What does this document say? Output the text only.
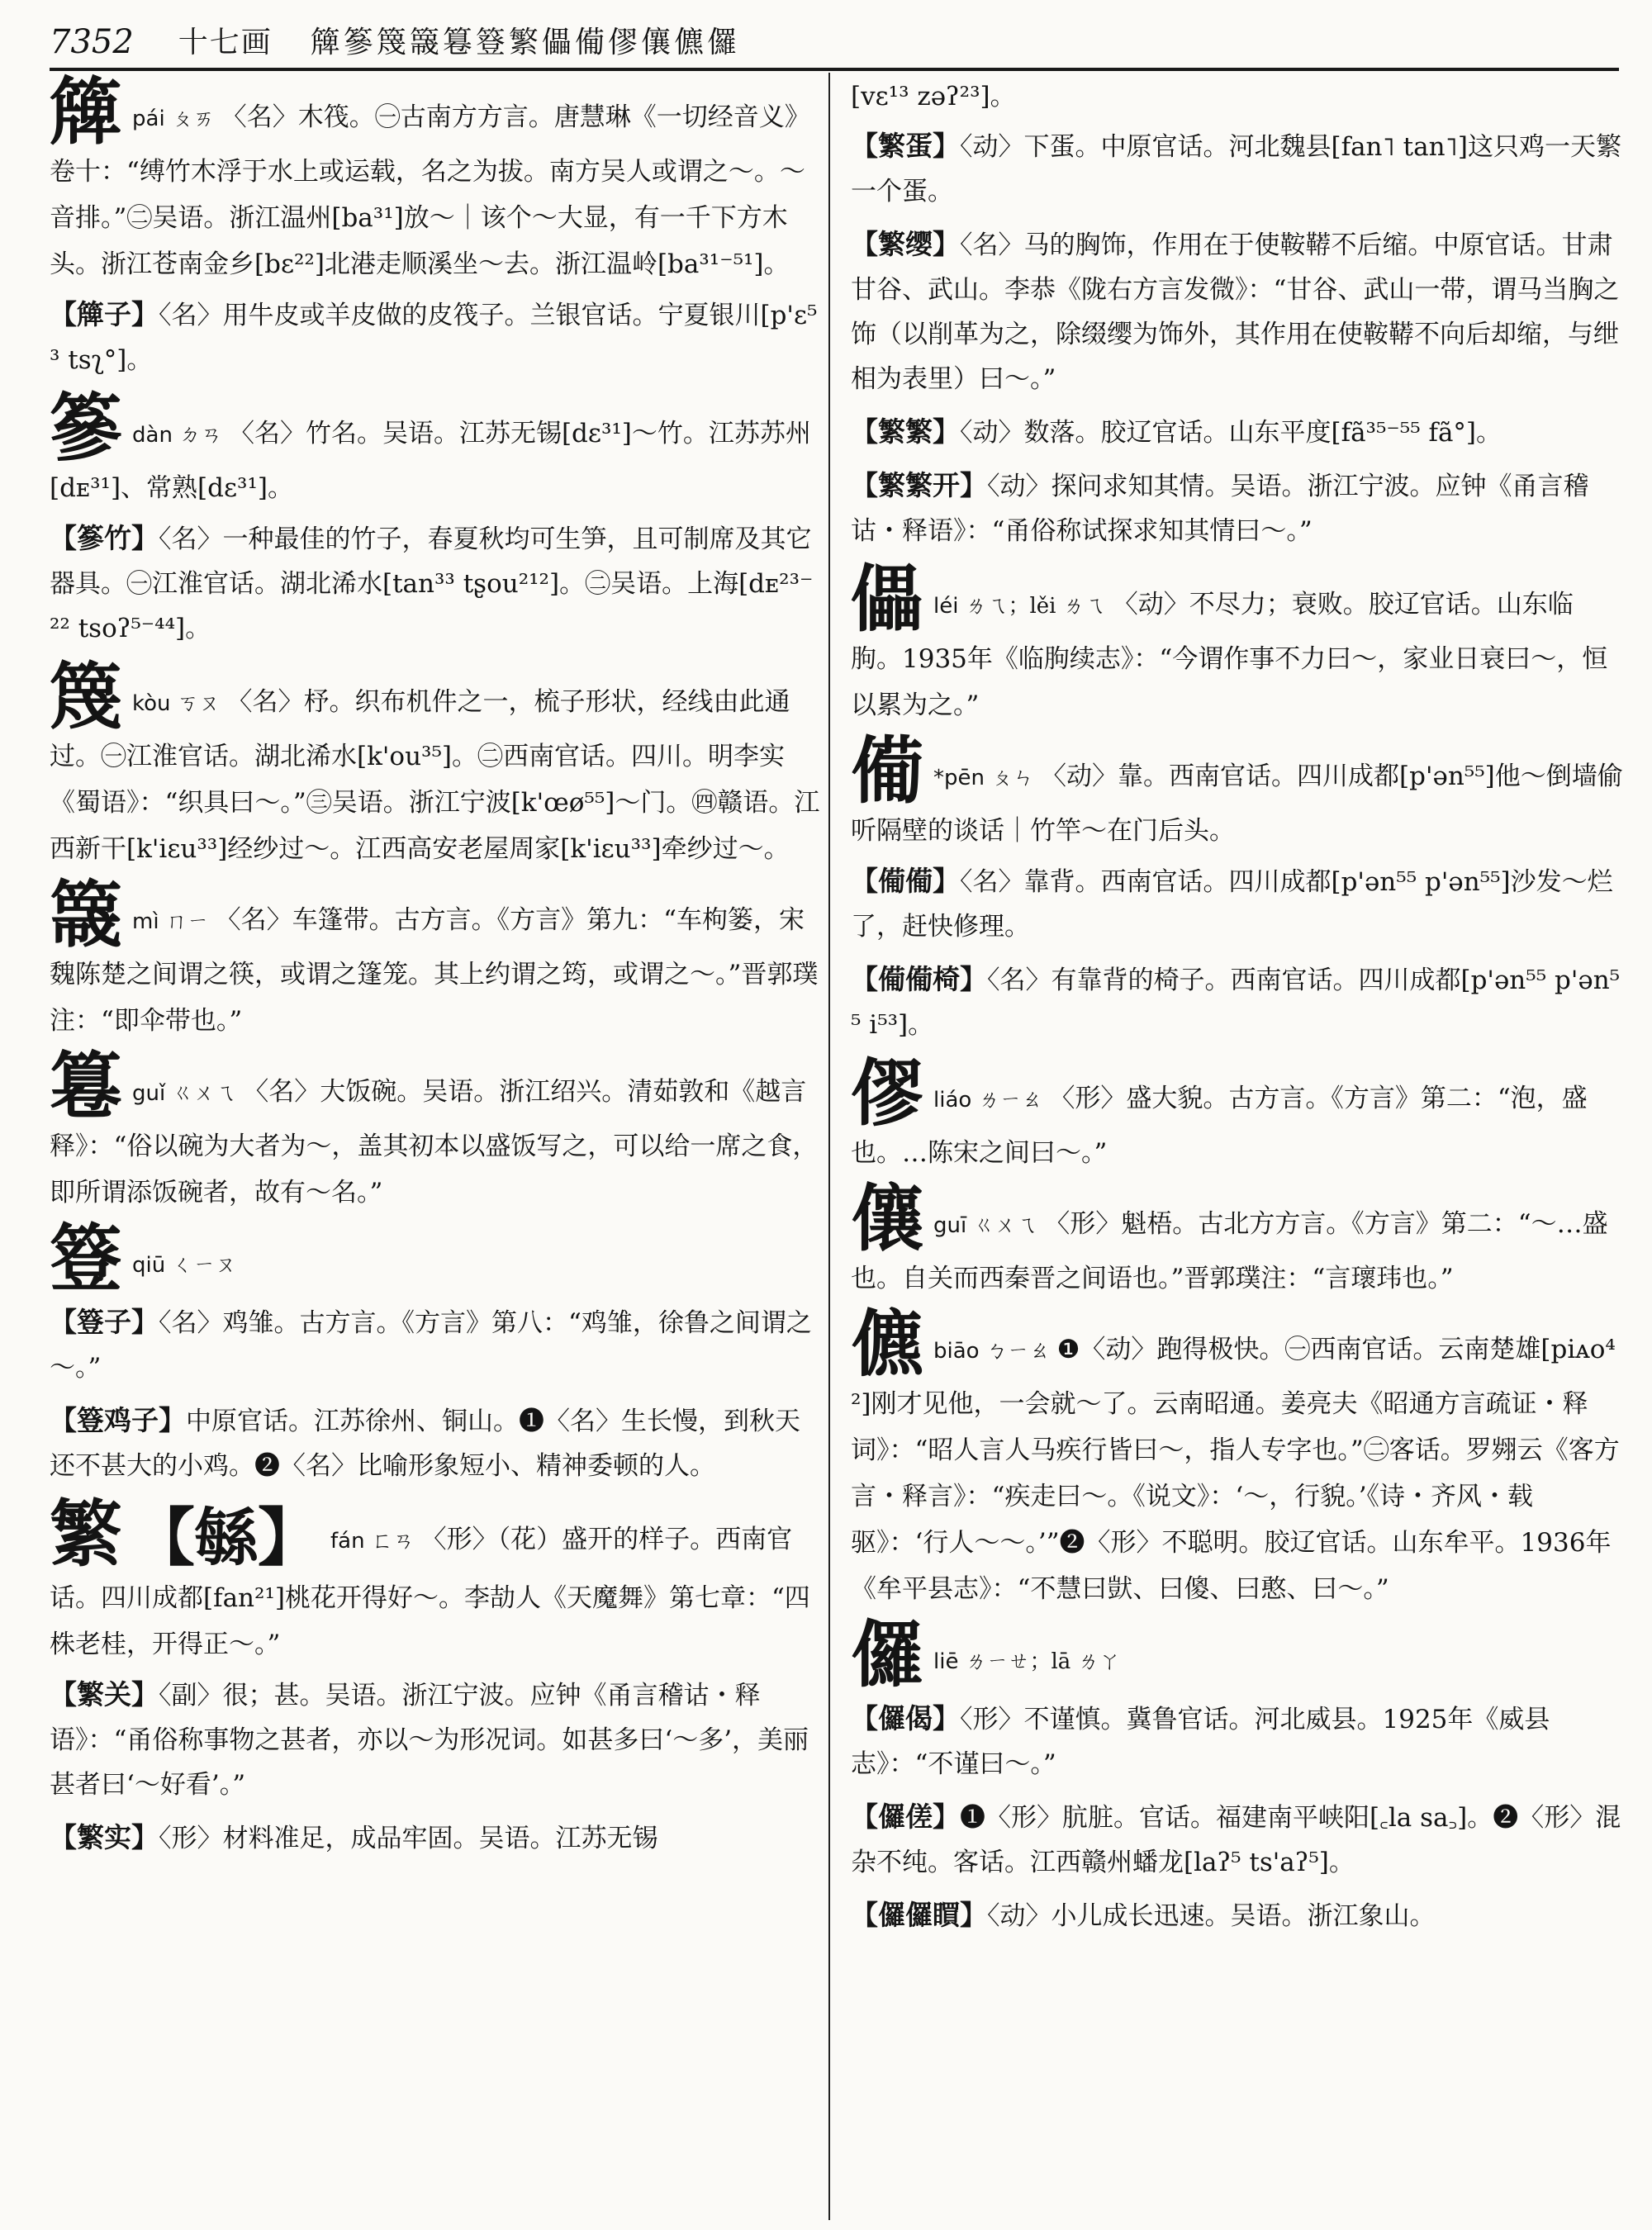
7352 十七画 簰篸篾簚篹簦繁儡僃僇儴儦儸
簰pái ㄆㄞ 〈名〉木筏。㊀古南方方言。唐慧琳《一切经音义》卷十：“缚竹木浮于水上或运载，名之为拔。南方吴人或谓之～。～音排。”㊁吴语。浙江温州[ba³¹]放～｜该个～大显，有一千下方木头。浙江苍南金乡[bɛ²²]北港走顺溪坐～去。浙江温岭[ba³¹⁻⁵¹]。
【簰子】〈名〉用牛皮或羊皮做的皮筏子。兰银官话。宁夏银川[p'ɛ⁵³ tsʅ°]。
篸dàn ㄉㄢ 〈名〉竹名。吴语。江苏无锡[dɛ³¹]～竹。江苏苏州[dᴇ³¹]、常熟[dɛ³¹]。
【篸竹】〈名〉一种最佳的竹子，春夏秋均可生笋，且可制席及其它器具。㊀江淮官话。湖北浠水[tan³³ tʂou²¹²]。㊁吴语。上海[dᴇ²³⁻²² tsoʔ⁵⁻⁴⁴]。
篾kòu ㄎㄡ 〈名〉杼。织布机件之一，梳子形状，经线由此通过。㊀江淮官话。湖北浠水[k'ou³⁵]。㊁西南官话。四川。明李实《蜀语》：“织具曰～。”㊂吴语。浙江宁波[k'œø⁵⁵]～门。㊃赣语。江西新干[k'iɛu³³]经纱过～。江西高安老屋周家[k'iɛu³³]牵纱过～。
簚mì ㄇㄧ 〈名〉车篷带。古方言。《方言》第九：“车枸篓，宋魏陈楚之间谓之筷，或谓之篷笼。其上约谓之筠，或谓之～。”晋郭璞注：“即伞带也。”
篹guǐ ㄍㄨㄟ 〈名〉大饭碗。吴语。浙江绍兴。清茹敦和《越言释》：“俗以碗为大者为～，盖其初本以盛饭写之，可以给一席之食，即所谓添饭碗者，故有～名。”
簦qiū ㄑㄧㄡ
【簦子】〈名〉鸡雏。古方言。《方言》第八：“鸡雏，徐鲁之间谓之～。”
【簦鸡子】中原官话。江苏徐州、铜山。❶〈名〉生长慢，到秋天还不甚大的小鸡。❷〈名〉比喻形象短小、精神委顿的人。
繁 【緐】 fán ㄈㄢ 〈形〉（花）盛开的样子。西南官话。四川成都[fan²¹]桃花开得好～。李劼人《天魔舞》第七章：“四株老桂，开得正～。”
【繁关】〈副〉很；甚。吴语。浙江宁波。应钟《甬言稽诂・释语》：“甬俗称事物之甚者，亦以～为形况词。如甚多曰‘～多’，美丽甚者曰‘～好看’。”
【繁实】〈形〉材料准足，成品牢固。吴语。江苏无锡
[vɛ¹³ zəʔ²³]。
【繁蛋】〈动〉下蛋。中原官话。河北魏县[fan˥ tan˥]这只鸡一天繁一个蛋。
【繁缨】〈名〉马的胸饰，作用在于使鞍鞯不后缩。中原官话。甘肃甘谷、武山。李恭《陇右方言发微》：“甘谷、武山一带，谓马当胸之饰（以削革为之，除缀缨为饰外，其作用在使鞍鞯不向后却缩，与绁相为表里）曰～。”
【繁繁】〈动〉数落。胶辽官话。山东平度[fã³⁵⁻⁵⁵ fã°]。
【繁繁开】〈动〉探问求知其情。吴语。浙江宁波。应钟《甬言稽诂・释语》：“甬俗称试探求知其情曰～。”
儡léi ㄌㄟ；lěi ㄌㄟ 〈动〉不尽力；衰败。胶辽官话。山东临朐。1935年《临朐续志》：“今谓作事不力曰～，家业日衰曰～，恒以累为之。”
僃 *pēn ㄆㄣ 〈动〉靠。西南官话。四川成都[p'ən⁵⁵]他～倒墙偷听隔壁的谈话｜竹竿～在门后头。
【僃僃】〈名〉靠背。西南官话。四川成都[p'ən⁵⁵ p'ən⁵⁵]沙发～烂了，赶快修理。
【僃僃椅】〈名〉有靠背的椅子。西南官话。四川成都[p'ən⁵⁵ p'ən⁵⁵ i⁵³]。
僇liáo ㄌㄧㄠ 〈形〉盛大貌。古方言。《方言》第二：“泡，盛也。…陈宋之间曰～。”
儴guī ㄍㄨㄟ 〈形〉魁梧。古北方方言。《方言》第二：“～…盛也。自关而西秦晋之间语也。”晋郭璞注：“言瓌玮也。”
儦biāo ㄅㄧㄠ ❶〈动〉跑得极快。㊀西南官话。云南楚雄[piᴀo⁴²]刚才见他，一会就～了。云南昭通。姜亮夫《昭通方言疏证・释词》：“昭人言人马疾行皆曰～，指人专字也。”㊁客话。罗翙云《客方言・释言》：“疾走曰～。《说文》：‘～，行貌。’《诗・齐风・载驱》：‘行人～～。’”❷〈形〉不聪明。胶辽官话。山东牟平。1936年《牟平县志》：“不慧曰獃、曰傻、曰憨、曰～。”
儸liē ㄌㄧㄝ；lā ㄌㄚ
【儸偈】〈形〉不谨慎。冀鲁官话。河北威县。1925年《威县志》：“不谨曰～。”
【儸傞】❶〈形〉肮脏。官话。福建南平峡阳[꜀la sa꜆]。❷〈形〉混杂不纯。客话。江西赣州蟠龙[laʔ⁵ ts'aʔ⁵]。
【儸儸䁲】〈动〉小儿成长迅速。吴语。浙江象山。
